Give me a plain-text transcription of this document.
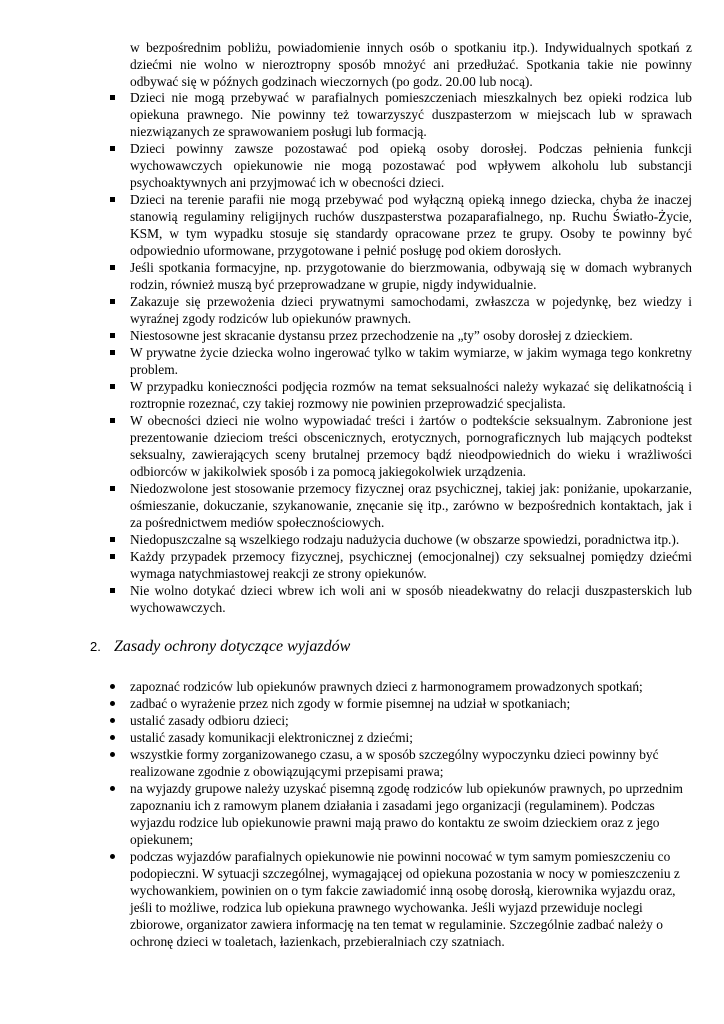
w bezpośrednim pobliżu, powiadomienie innych osób o spotkaniu itp.). Indywidualnych spotkań z dziećmi nie wolno w nieroztropny sposób mnożyć ani przedłużać. Spotkania takie nie powinny odbywać się w późnych godzinach wieczornych (po godz. 20.00 lub nocą).

Dzieci nie mogą przebywać w parafialnych pomieszczeniach mieszkalnych bez opieki rodzica lub opiekuna prawnego. Nie powinny też towarzyszyć duszpasterzom w miejscach lub w sprawach niezwiązanych ze sprawowaniem posługi lub formacją.
Dzieci powinny zawsze pozostawać pod opieką osoby dorosłej. Podczas pełnienia funkcji wychowawczych opiekunowie nie mogą pozostawać pod wpływem alkoholu lub substancji psychoaktywnych ani przyjmować ich w obecności dzieci.
Dzieci na terenie parafii nie mogą przebywać pod wyłączną opieką innego dziecka, chyba że inaczej stanowią regulaminy religijnych ruchów duszpasterstwa pozaparafialnego, np. Ruchu Światło-Życie, KSM, w tym wypadku stosuje się standardy opracowane przez te grupy. Osoby te powinny być odpowiednio uformowane, przygotowane i pełnić posługę pod okiem dorosłych.
Jeśli spotkania formacyjne, np. przygotowanie do bierzmowania, odbywają się w domach wybranych rodzin, również muszą być przeprowadzane w grupie, nigdy indywidualnie.
Zakazuje się przewożenia dzieci prywatnymi samochodami, zwłaszcza w pojedynkę, bez wiedzy i wyraźnej zgody rodziców lub opiekunów prawnych.
Niestosowne jest skracanie dystansu przez przechodzenie na „ty” osoby dorosłej z dzieckiem.
W prywatne życie dziecka wolno ingerować tylko w takim wymiarze, w jakim wymaga tego konkretny problem.
W przypadku konieczności podjęcia rozmów na temat seksualności należy wykazać się delikatnością i roztropnie rozeznać, czy takiej rozmowy nie powinien przeprowadzić specjalista.
W obecności dzieci nie wolno wypowiadać treści i żartów o podtekście seksualnym. Zabronione jest prezentowanie dzieciom treści obscenicznych, erotycznych, pornograficznych lub mających podtekst seksualny, zawierających sceny brutalnej przemocy bądź nieodpowiednich do wieku i wrażliwości odbiorców w jakikolwiek sposób i za pomocą jakiegokolwiek urządzenia.
Niedozwolone jest stosowanie przemocy fizycznej oraz psychicznej, takiej jak: poniżanie, upokarzanie, ośmieszanie, dokuczanie, szykanowanie, znęcanie się itp., zarówno w bezpośrednich kontaktach, jak i za pośrednictwem mediów społecznościowych.
Niedopuszczalne są wszelkiego rodzaju nadużycia duchowe (w obszarze spowiedzi, poradnictwa itp.).
Każdy przypadek przemocy fizycznej, psychicznej (emocjonalnej) czy seksualnej pomiędzy dziećmi wymaga natychmiastowej reakcji ze strony opiekunów.
Nie wolno dotykać dzieci wbrew ich woli ani w sposób nieadekwatny do relacji duszpasterskich lub wychowawczych.
2. Zasady ochrony dotyczące wyjazdów
zapoznać rodziców lub opiekunów prawnych dzieci z harmonogramem prowadzonych spotkań;
zadbać o wyrażenie przez nich zgody w formie pisemnej na udział w spotkaniach;
ustalić zasady odbioru dzieci;
ustalić zasady komunikacji elektronicznej z dziećmi;
wszystkie formy zorganizowanego czasu, a w sposób szczególny wypoczynku dzieci powinny być realizowane zgodnie z obowiązującymi przepisami prawa;
na wyjazdy grupowe należy uzyskać pisemną zgodę rodziców lub opiekunów prawnych, po uprzednim zapoznaniu ich z ramowym planem działania i zasadami jego organizacji (regulaminem). Podczas wyjazdu rodzice lub opiekunowie prawni mają prawo do kontaktu ze swoim dzieckiem oraz z jego opiekunem;
podczas wyjazdów parafialnych opiekunowie nie powinni nocować w tym samym pomieszczeniu co podopieczni. W sytuacji szczególnej, wymagającej od opiekuna pozostania w nocy w pomieszczeniu z wychowankiem, powinien on o tym fakcie zawiadomić inną osobę dorosłą, kierownika wyjazdu oraz, jeśli to możliwe, rodzica lub opiekuna prawnego wychowanka. Jeśli wyjazd przewiduje noclegi zbiorowe, organizator zawiera informację na ten temat w regulaminie. Szczególnie zadbać należy o ochronę dzieci w toaletach, łazienkach, przebieralniach czy szatniach.
